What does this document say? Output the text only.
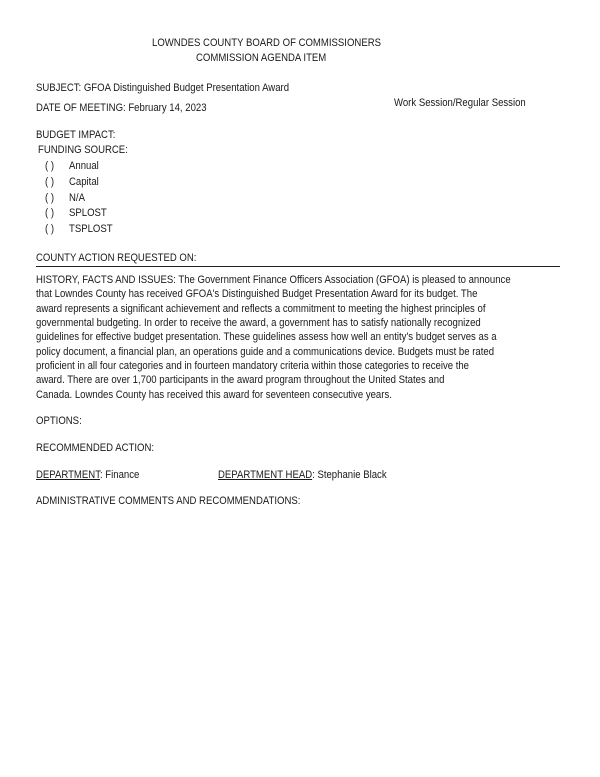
LOWNDES COUNTY BOARD OF COMMISSIONERS
COMMISSION AGENDA ITEM
SUBJECT: GFOA Distinguished Budget Presentation Award
DATE OF MEETING: February 14, 2023	Work Session/Regular Session
BUDGET IMPACT:
FUNDING SOURCE:
( ) Annual
( ) Capital
( ) N/A
( ) SPLOST
( ) TSPLOST
COUNTY ACTION REQUESTED ON:
HISTORY, FACTS AND ISSUES: The Government Finance Officers Association (GFOA) is pleased to announce
that Lowndes County has received GFOA's Distinguished Budget Presentation Award for its budget. The
award represents a significant achievement and reflects a commitment to meeting the highest principles of
governmental budgeting. In order to receive the award, a government has to satisfy nationally recognized
guidelines for effective budget presentation. These guidelines assess how well an entity's budget serves as a
policy document, a financial plan, an operations guide and a communications device. Budgets must be rated
proficient in all four categories and in fourteen mandatory criteria within those categories to receive the
award. There are over 1,700 participants in the award program throughout the United States and
Canada. Lowndes County has received this award for seventeen consecutive years.
OPTIONS:
RECOMMENDED ACTION:
DEPARTMENT: Finance	DEPARTMENT HEAD: Stephanie Black
ADMINISTRATIVE COMMENTS AND RECOMMENDATIONS:
